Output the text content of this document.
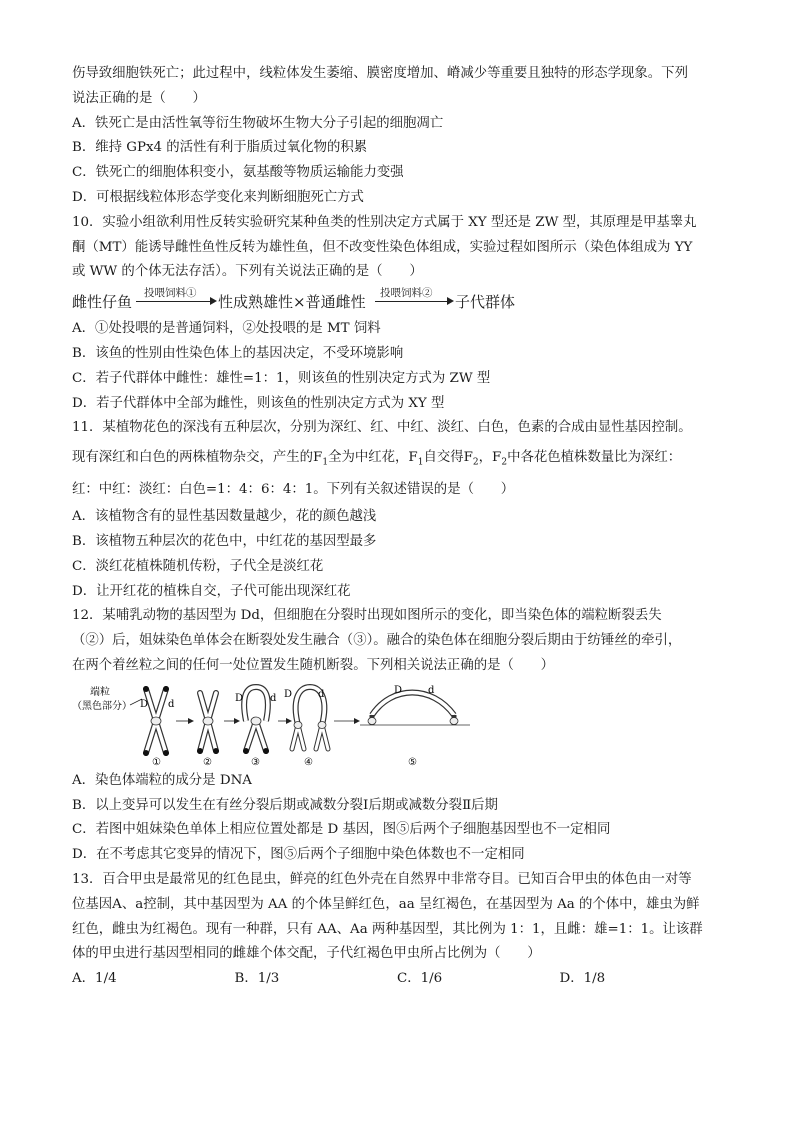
伤导致细胞铁死亡；此过程中，线粒体发生萎缩、膜密度增加、嵴减少等重要且独特的形态学现象。下列
说法正确的是（　　）
A．铁死亡是由活性氧等衍生物破坏生物大分子引起的细胞凋亡
B．维持 GPx4 的活性有利于脂质过氧化物的积累
C．铁死亡的细胞体积变小，氨基酸等物质运输能力变强
D．可根据线粒体形态学变化来判断细胞死亡方式
10．实验小组欲利用性反转实验研究某种鱼类的性别决定方式属于 XY 型还是 ZW 型，其原理是甲基睾丸
酮（MT）能诱导雌性鱼性反转为雄性鱼，但不改变性染色体组成，实验过程如图所示（染色体组成为 YY
或 WW 的个体无法存活）。下列有关说法正确的是（　　）
雌性仔鱼 投喂饲料① 性成熟雄性×普通雌性 投喂饲料② 子代群体
A．①处投喂的是普通饲料，②处投喂的是 MT 饲料
B．该鱼的性别由性染色体上的基因决定，不受环境影响
C．若子代群体中雌性：雄性=1：1，则该鱼的性别决定方式为 ZW 型
D．若子代群体中全部为雌性，则该鱼的性别决定方式为 XY 型
11．某植物花色的深浅有五种层次，分别为深红、红、中红、淡红、白色，色素的合成由显性基因控制。
现有深红和白色的两株植物杂交，产生的$F_1$全为中红花，$F_1$自交得$F_2$，$F_2$中各花色植株数量比为深红：
红：中红：淡红：白色=1：4：6：4：1。下列有关叙述错误的是（　　）
A．该植物含有的显性基因数量越少，花的颜色越浅
B．该植物五种层次的花色中，中红花的基因型最多
C．淡红花植株随机传粉，子代全是淡红花
D．让开红花的植株自交，子代可能出现深红花
12．某哺乳动物的基因型为 Dd，但细胞在分裂时出现如图所示的变化，即当染色体的端粒断裂丢失
（②）后，姐妹染色单体会在断裂处发生融合（③）。融合的染色体在细胞分裂后期由于纺锤丝的牵引，
在两个着丝粒之间的任何一处位置发生随机断裂。下列相关说法正确的是（　　）
端粒
（黑色部分） D d
①	②
D	d
③
D	d
④
D	d
⑤
A．染色体端粒的成分是 DNA
B．以上变异可以发生在有丝分裂后期或减数分裂Ⅰ后期或减数分裂Ⅱ后期
C．若图中姐妹染色单体上相应位置处都是 D 基因，图⑤后两个子细胞基因型也不一定相同
D．在不考虑其它变异的情况下，图⑤后两个子细胞中染色体数也不一定相同
13．百合甲虫是最常见的红色昆虫，鲜亮的红色外壳在自然界中非常夺目。已知百合甲虫的体色由一对等
位基因A、a控制，其中基因型为 AA 的个体呈鲜红色，aa 呈红褐色，在基因型为 Aa 的个体中，雄虫为鲜
红色，雌虫为红褐色。现有一种群，只有 AA、Aa 两种基因型，其比例为 1：1，且雌：雄=1：1。让该群
体的甲虫进行基因型相同的雌雄个体交配，子代红褐色甲虫所占比例为（　　）
A．1/4	B．1/3	C．1/6	D．1/8
